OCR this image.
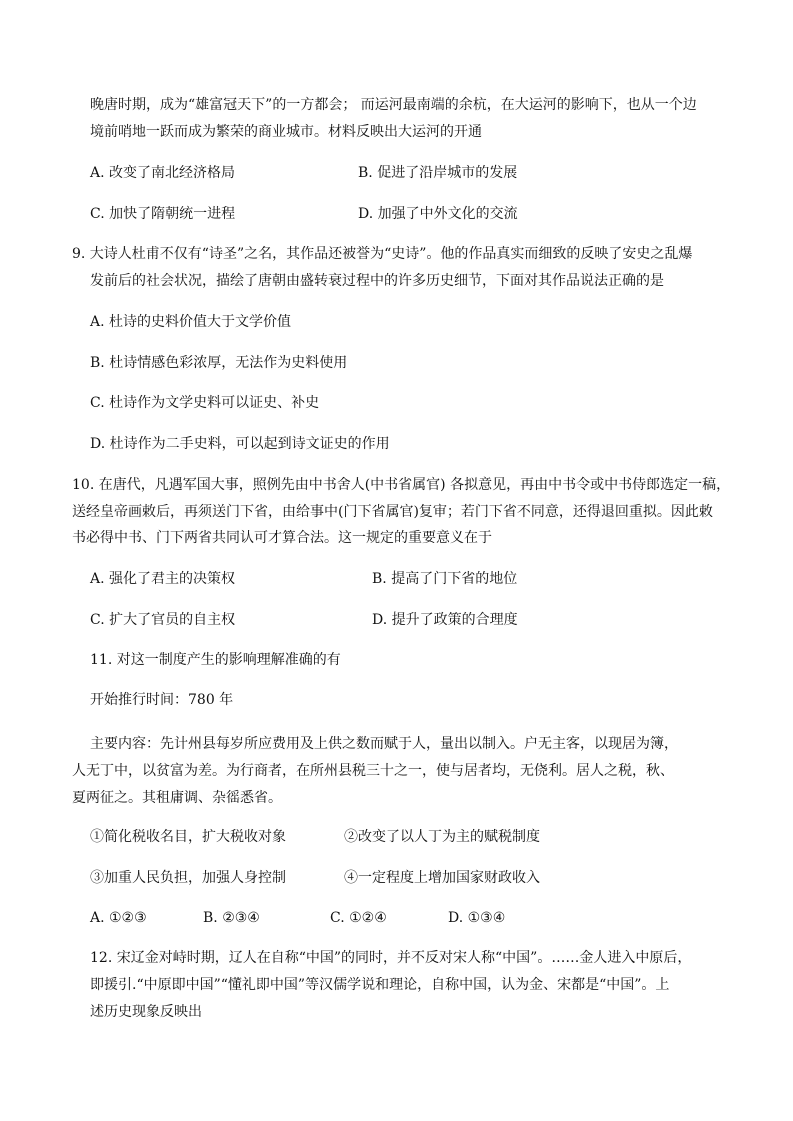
晚唐时期，成为“雄富冠天下”的一方都会； 而运河最南端的余杭，在大运河的影响下，也从一个边
境前哨地一跃而成为繁荣的商业城市。材料反映出大运河的开通
A. 改变了南北经济格局	B. 促进了沿岸城市的发展
C. 加快了隋朝统一进程	D. 加强了中外文化的交流
9. 大诗人杜甫不仅有“诗圣”之名，其作品还被誉为“史诗”。他的作品真实而细致的反映了安史之乱爆
发前后的社会状况，描绘了唐朝由盛转衰过程中的许多历史细节，下面对其作品说法正确的是
A. 杜诗的史料价值大于文学价值
B. 杜诗情感色彩浓厚，无法作为史料使用
C. 杜诗作为文学史料可以证史、补史
D. 杜诗作为二手史料，可以起到诗文证史的作用
10. 在唐代，凡遇军国大事，照例先由中书舍人(中书省属官) 各拟意见，再由中书令或中书侍郎选定一稿，
送经皇帝画敕后，再须送门下省，由给事中(门下省属官)复审；若门下省不同意，还得退回重拟。因此敕
书必得中书、门下两省共同认可才算合法。这一规定的重要意义在于
A. 强化了君主的决策权	B. 提高了门下省的地位
C. 扩大了官员的自主权	D. 提升了政策的合理度
11. 对这一制度产生的影响理解准确的有
开始推行时间：780 年
主要内容：先计州县每岁所应费用及上供之数而赋于人，量出以制入。户无主客，以现居为簿，
人无丁中，以贫富为差。为行商者，在所州县税三十之一，使与居者均，无侥利。居人之税，秋、
夏两征之。其租庸调、杂徭悉省。
①简化税收名目，扩大税收对象	②改变了以人丁为主的赋税制度
③加重人民负担，加强人身控制	④一定程度上增加国家财政收入
A. ①②③	B. ②③④	C. ①②④	D. ①③④
12. 宋辽金对峙时期，辽人在自称“中国”的同时，并不反对宋人称“中国”。……金人进入中原后，
即援引.“中原即中国”“懂礼即中国”等汉儒学说和理论，自称中国，认为金、宋都是“中国”。上
述历史现象反映出
